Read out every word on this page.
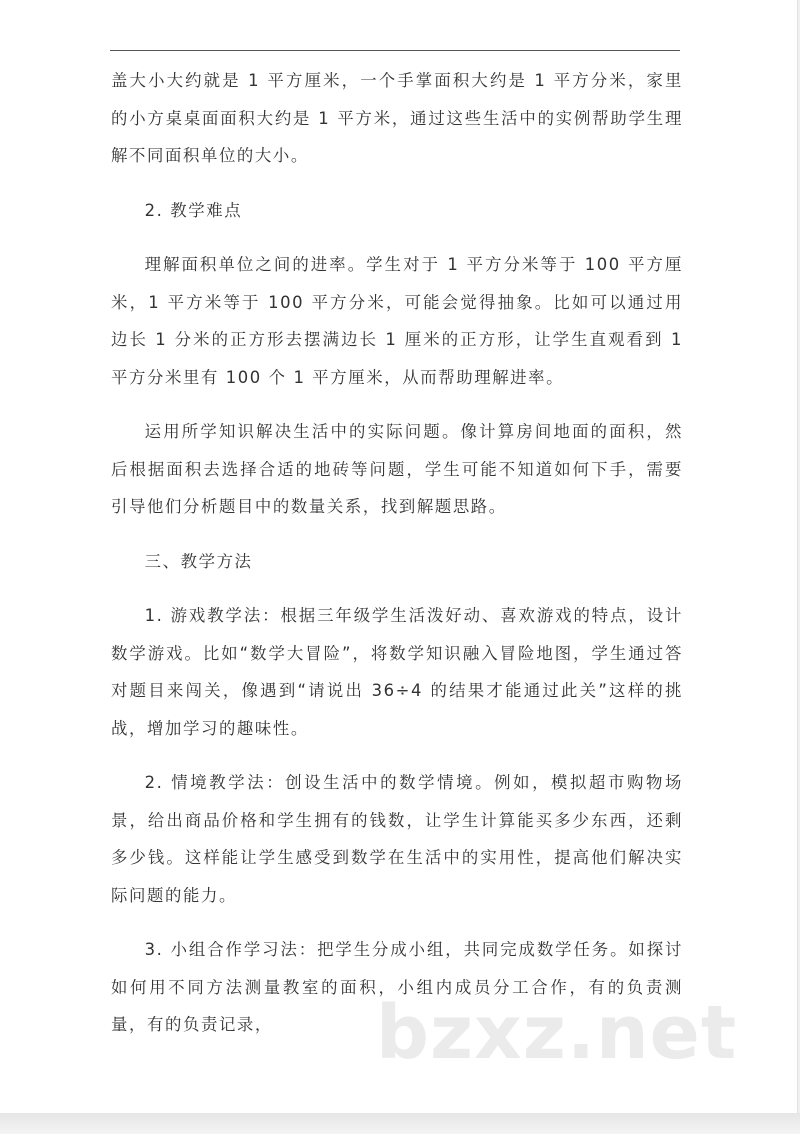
盖大小大约就是 1 平方厘米，一个手掌面积大约是 1 平方分米，家里的小方桌桌面面积大约是 1 平方米，通过这些生活中的实例帮助学生理解不同面积单位的大小。

2. 教学难点

理解面积单位之间的进率。学生对于 1 平方分米等于 100 平方厘米，1 平方米等于 100 平方分米，可能会觉得抽象。比如可以通过用边长 1 分米的正方形去摆满边长 1 厘米的正方形，让学生直观看到 1 平方分米里有 100 个 1 平方厘米，从而帮助理解进率。

运用所学知识解决生活中的实际问题。像计算房间地面的面积，然后根据面积去选择合适的地砖等问题，学生可能不知道如何下手，需要引导他们分析题目中的数量关系，找到解题思路。

三、教学方法

1. 游戏教学法：根据三年级学生活泼好动、喜欢游戏的特点，设计数学游戏。比如“数学大冒险”，将数学知识融入冒险地图，学生通过答对题目来闯关，像遇到“请说出 36÷4 的结果才能通过此关”这样的挑战，增加学习的趣味性。

2. 情境教学法：创设生活中的数学情境。例如，模拟超市购物场景，给出商品价格和学生拥有的钱数，让学生计算能买多少东西，还剩多少钱。这样能让学生感受到数学在生活中的实用性，提高他们解决实际问题的能力。

3. 小组合作学习法：把学生分成小组，共同完成数学任务。如探讨如何用不同方法测量教室的面积，小组内成员分工合作，有的负责测量，有的负责记录，	bzxz.net
